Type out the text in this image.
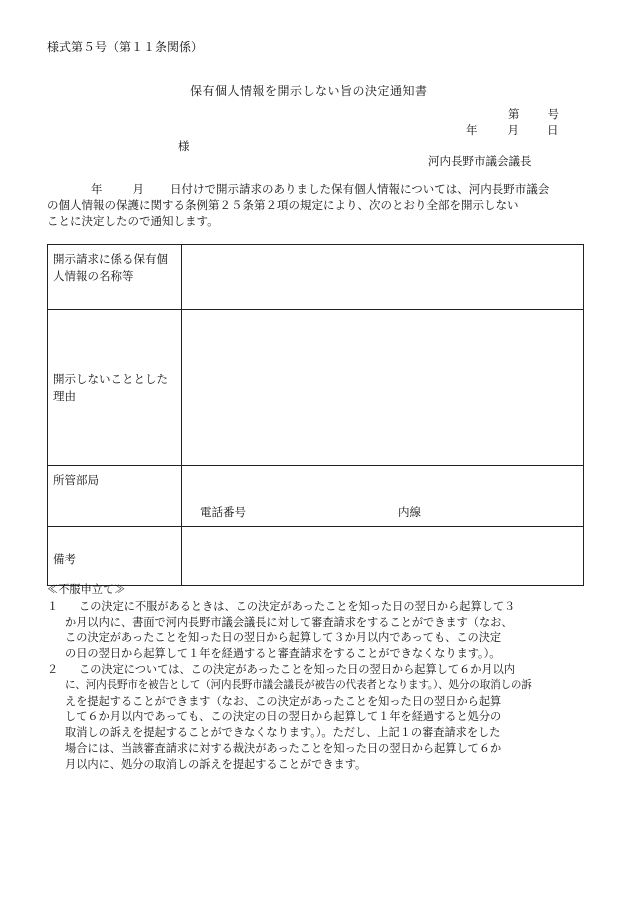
様式第５号（第１１条関係）
保有個人情報を開示しない旨の決定通知書
第 号
年	月 日
様
河内長野市議会議長

年	月 日付けで開示請求のありました保有個人情報については、河内長野市議会

の個人情報の保護に関する条例第２５条第２項の規定により、次のとおり全部を開示しない

ことに決定したので通知します。

開示請求に係る保有個人情報の名称等	
開示しないこととした理由	
所管部局	電話番号 内線

備考	

≪不服申立て≫

１	この決定に不服があるときは、この決定があったことを知った日の翌日から起算して３

か月以内に、書面で河内長野市議会議長に対して審査請求をすることができます（なお、

この決定があったことを知った日の翌日から起算して３か月以内であっても、この決定

の日の翌日から起算して１年を経過すると審査請求をすることができなくなります。）。

２	この決定については、この決定があったことを知った日の翌日から起算して６か月以内

に、河内長野市を被告として（河内長野市議会議長が被告の代表者となります。）、処分の取消しの訴

えを提起することができます（なお、この決定があったことを知った日の翌日から起算

して６か月以内であっても、この決定の日の翌日から起算して１年を経過すると処分の

取消しの訴えを提起することができなくなります。）。ただし、上記１の審査請求をした

場合には、当該審査請求に対する裁決があったことを知った日の翌日から起算して６か

月以内に、処分の取消しの訴えを提起することができます。
